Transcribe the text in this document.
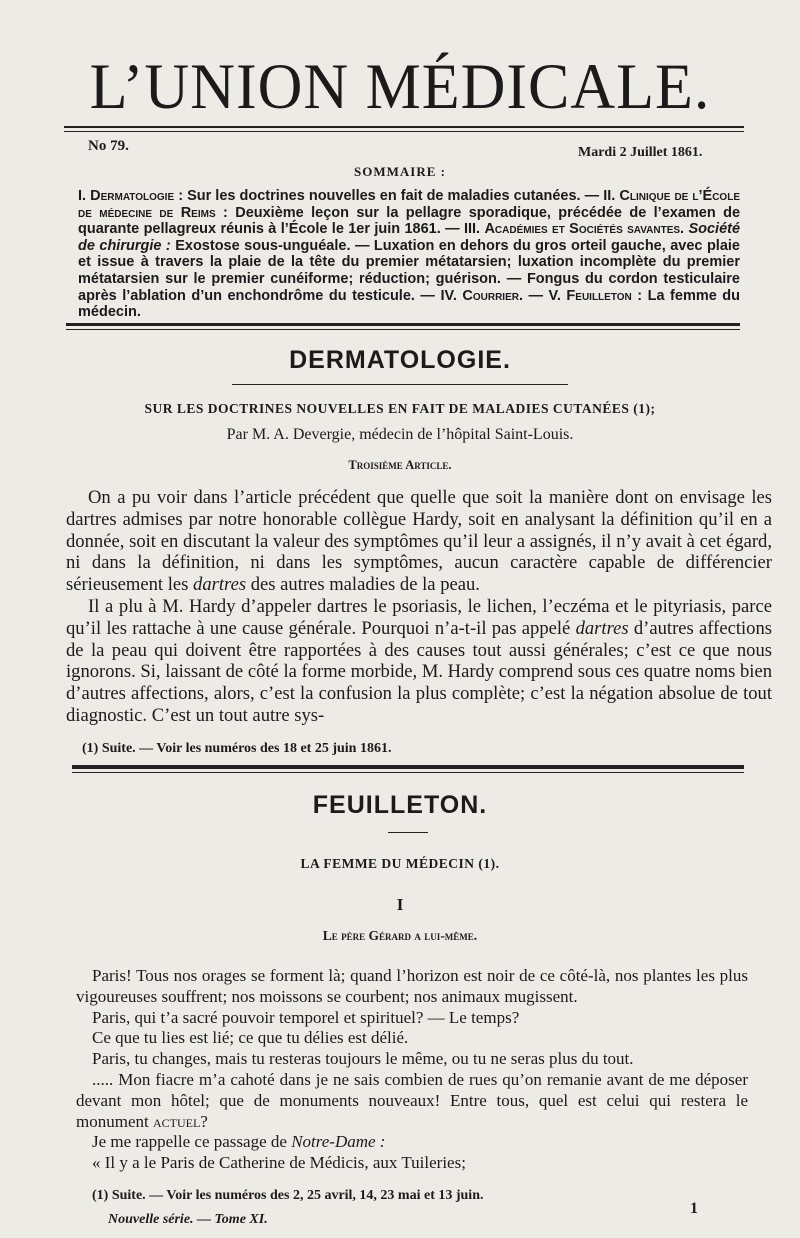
L’UNION MÉDICALE.
No 79.	Mardi 2 Juillet 1861.
SOMMAIRE :
I. Dermatologie : Sur les doctrines nouvelles en fait de maladies cutanées. — II. Clinique de l’École de médecine de Reims : Deuxième leçon sur la pellagre sporadique, précédée de l’examen de quarante pellagreux réunis à l’École le 1er juin 1861. — III. Académies et Sociétés savantes. Société de chirurgie : Exostose sous-unguéale. — Luxation en dehors du gros orteil gauche, avec plaie et issue à travers la plaie de la tête du premier métatarsien; luxation incomplète du premier métatarsien sur le premier cunéiforme; réduction; guérison. — Fongus du cordon testiculaire après l’ablation d’un enchondrôme du testicule. — IV. Courrier. — V. Feuilleton : La femme du médecin.
DERMATOLOGIE.
SUR LES DOCTRINES NOUVELLES EN FAIT DE MALADIES CUTANÉES (1);
Par M. A. Devergie, médecin de l’hôpital Saint-Louis.
Troisième Article.

On a pu voir dans l’article précédent que quelle que soit la manière dont on envisage les dartres admises par notre honorable collègue Hardy, soit en analysant la définition qu’il en a donnée, soit en discutant la valeur des symptômes qu’il leur a assignés, il n’y avait à cet égard, ni dans la définition, ni dans les symptômes, aucun caractère capable de différencier sérieusement les dartres des autres maladies de la peau.

Il a plu à M. Hardy d’appeler dartres le psoriasis, le lichen, l’eczéma et le pityriasis, parce qu’il les rattache à une cause générale. Pourquoi n’a-t-il pas appelé dartres d’autres affections de la peau qui doivent être rapportées à des causes tout aussi générales; c’est ce que nous ignorons. Si, laissant de côté la forme morbide, M. Hardy comprend sous ces quatre noms bien d’autres affections, alors, c’est la confusion la plus complète; c’est la négation absolue de tout diagnostic. C’est un tout autre sys-

(1) Suite. — Voir les numéros des 18 et 25 juin 1861.
FEUILLETON.
LA FEMME DU MÉDECIN (1).
I
Le père Gérard a lui-même.

Paris! Tous nos orages se forment là; quand l’horizon est noir de ce côté-là, nos plantes les plus vigoureuses souffrent; nos moissons se courbent; nos animaux mugissent.

Paris, qui t’a sacré pouvoir temporel et spirituel? — Le temps?

Ce que tu lies est lié; ce que tu délies est délié.

Paris, tu changes, mais tu resteras toujours le même, ou tu ne seras plus du tout.

..... Mon fiacre m’a cahoté dans je ne sais combien de rues qu’on remanie avant de me déposer devant mon hôtel; que de monuments nouveaux! Entre tous, quel est celui qui restera le monument actuel?

Je me rappelle ce passage de Notre-Dame :

« Il y a le Paris de Catherine de Médicis, aux Tuileries;

(1) Suite. — Voir les numéros des 2, 25 avril, 14, 23 mai et 13 juin.
Nouvelle série. — Tome XI.
1
